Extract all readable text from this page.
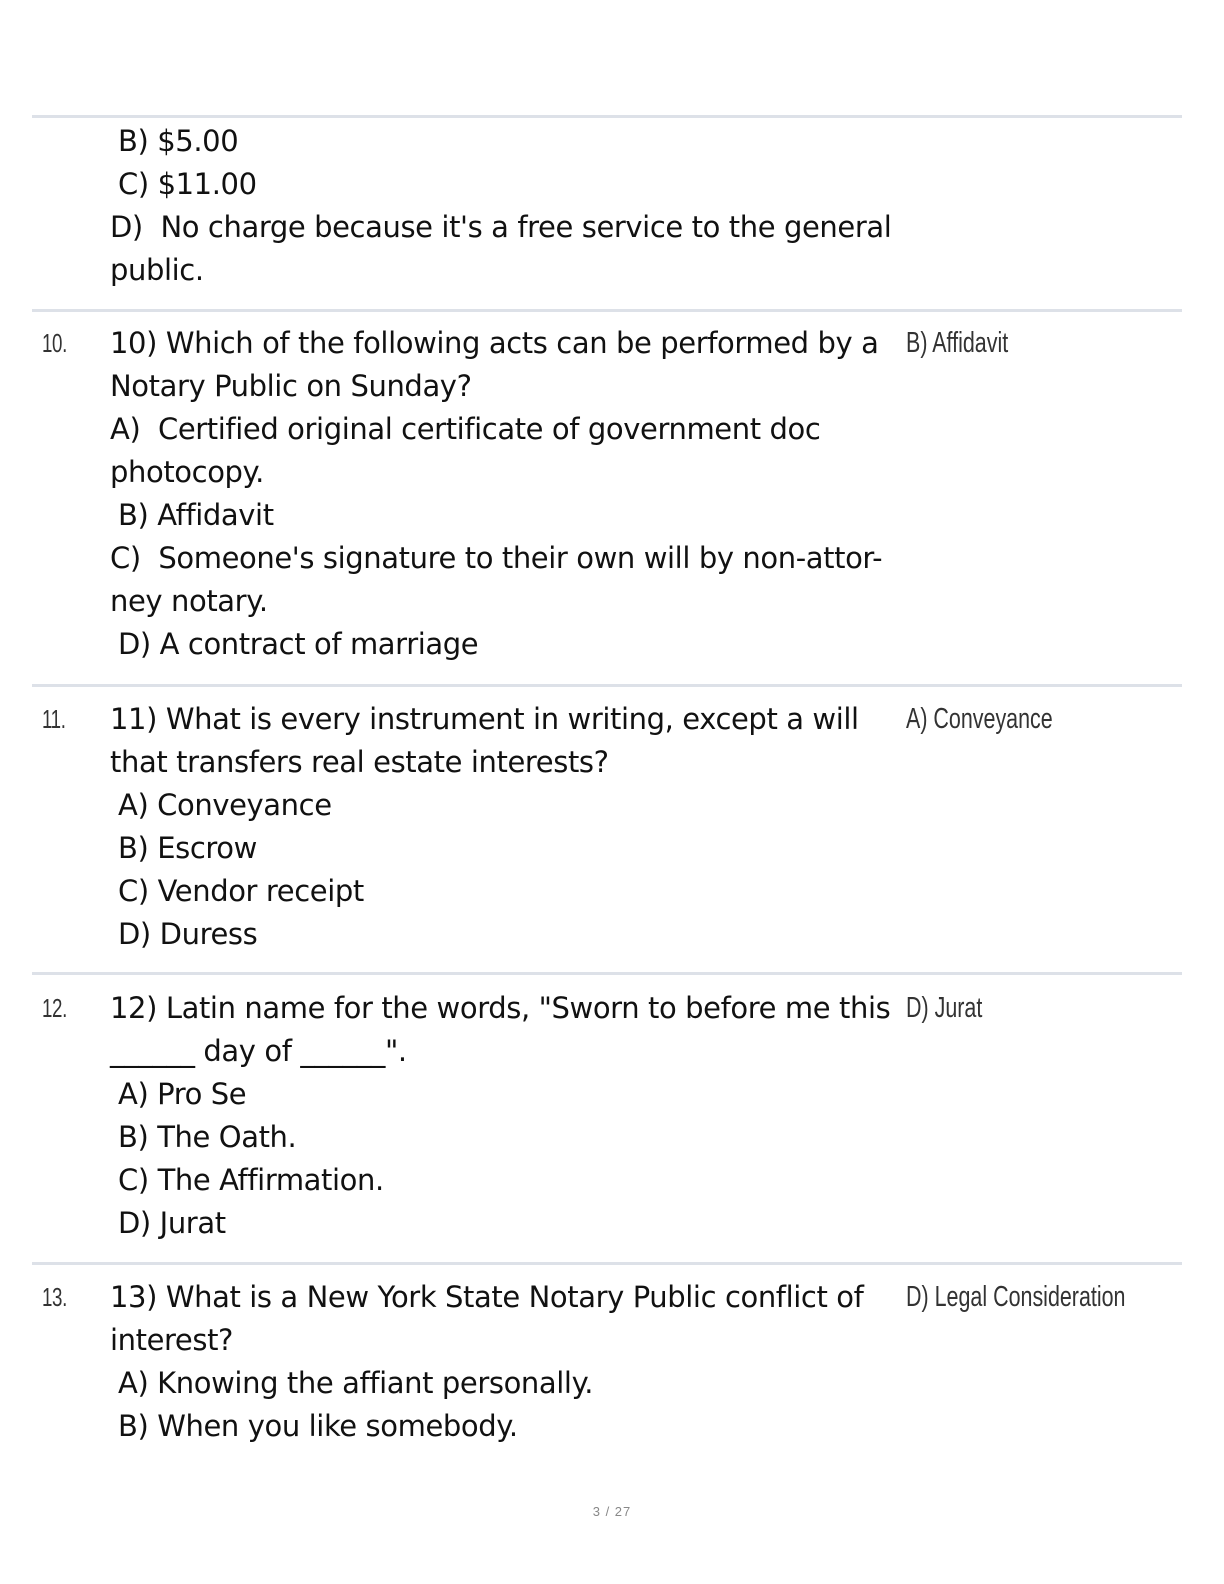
B) $5.00
C) $11.00
D)  No charge because it's a free service to the general
public.
10. 10) Which of the following acts can be performed by a
Notary Public on Sunday?
A)  Certified original certificate of government doc
photocopy.
B) Affidavit
C)  Someone's signature to their own will by non-attor-
ney notary.
D) A contract of marriage
B) Affidavit
11. 11) What is every instrument in writing, except a will
that transfers real estate interests?
A) Conveyance
B) Escrow
C) Vendor receipt
D) Duress
A) Conveyance
12. 12) Latin name for the words, "Sworn to before me this
______ day of ______".
A) Pro Se
B) The Oath.
C) The Affirmation.
D) Jurat
D) Jurat
13. 13) What is a New York State Notary Public conflict of
interest?
A) Knowing the affiant personally.
B) When you like somebody.
D) Legal Consideration
3 / 27
